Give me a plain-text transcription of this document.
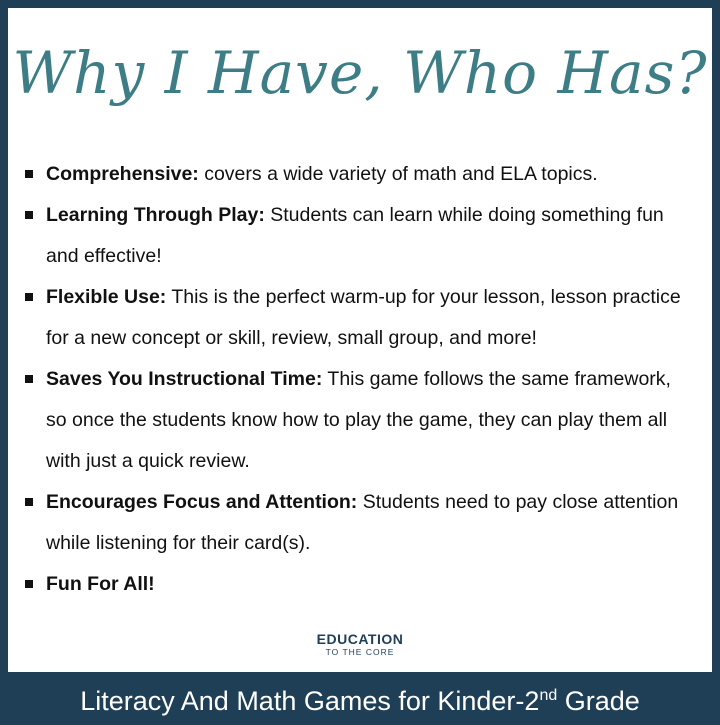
Why I Have, Who Has?
Comprehensive: covers a wide variety of math and ELA topics.
Learning Through Play: Students can learn while doing something fun and effective!
Flexible Use: This is the perfect warm-up for your lesson, lesson practice for a new concept or skill, review, small group, and more!
Saves You Instructional Time: This game follows the same framework, so once the students know how to play the game, they can play them all with just a quick review.
Encourages Focus and Attention: Students need to pay close attention while listening for their card(s).
Fun For All!
EDUCATION
TO THE CORE
Literacy And Math Games for Kinder-2nd Grade
